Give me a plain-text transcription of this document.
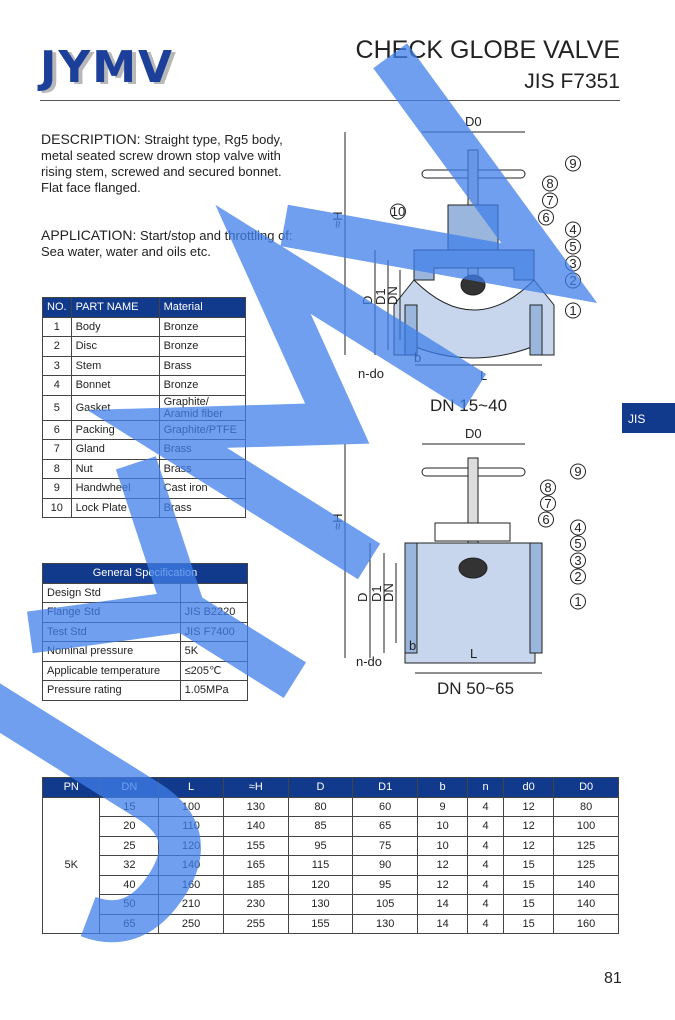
JYMV	CHECK GLOBE VALVE
JIS F7351

DESCRIPTION: Straight type, Rg5 body, metal seated screw drown stop valve with rising stem, screwed and secured bonnet. Flat face flanged.

APPLICATION: Start/stop and throttling of: Sea water, water and oils etc.

NO.	PART NAME	Material
1	Body	Bronze
2	Disc	Bronze
3	Stem	Brass
4	Bonnet	Bronze
5	Gasket	Graphite/ Aramid fiber
6	Packing	Graphite/PTFE
7	Gland	Brass
8	Nut	Brass
9	Handwheel	Cast iron
10	Lock Plate	Brass
General Specification	
Design Std	
Flange Std	JIS B2220
Test Std	JIS F7400
Nominal pressure	5K
Applicable temperature	≤205℃
Pressure rating	1.05MPa
D0
≈H
D
D1
DN
b
L
n-do
9
8
7
6
10
4
5
3
2
1
D0
≈H
D D1
DN
b
L
n-do
9
8
7
6
4
5
3
2
1
DN 15~40
DN 50~65
JIS
PN	DN	L	≈H	D	D1	b	n	d0	D0
5K	15	100	130	80	60	9	4	12	80
	20	110	140	85	65	10	4	12	100
	25	120	155	95	75	10	4	12	125
	32	140	165	115	90	12	4	15	125
	40	160	185	120	95	12	4	15	140
	50	210	230	130	105	14	4	15	140
	65	250	255	155	130	14	4	15	160
81
